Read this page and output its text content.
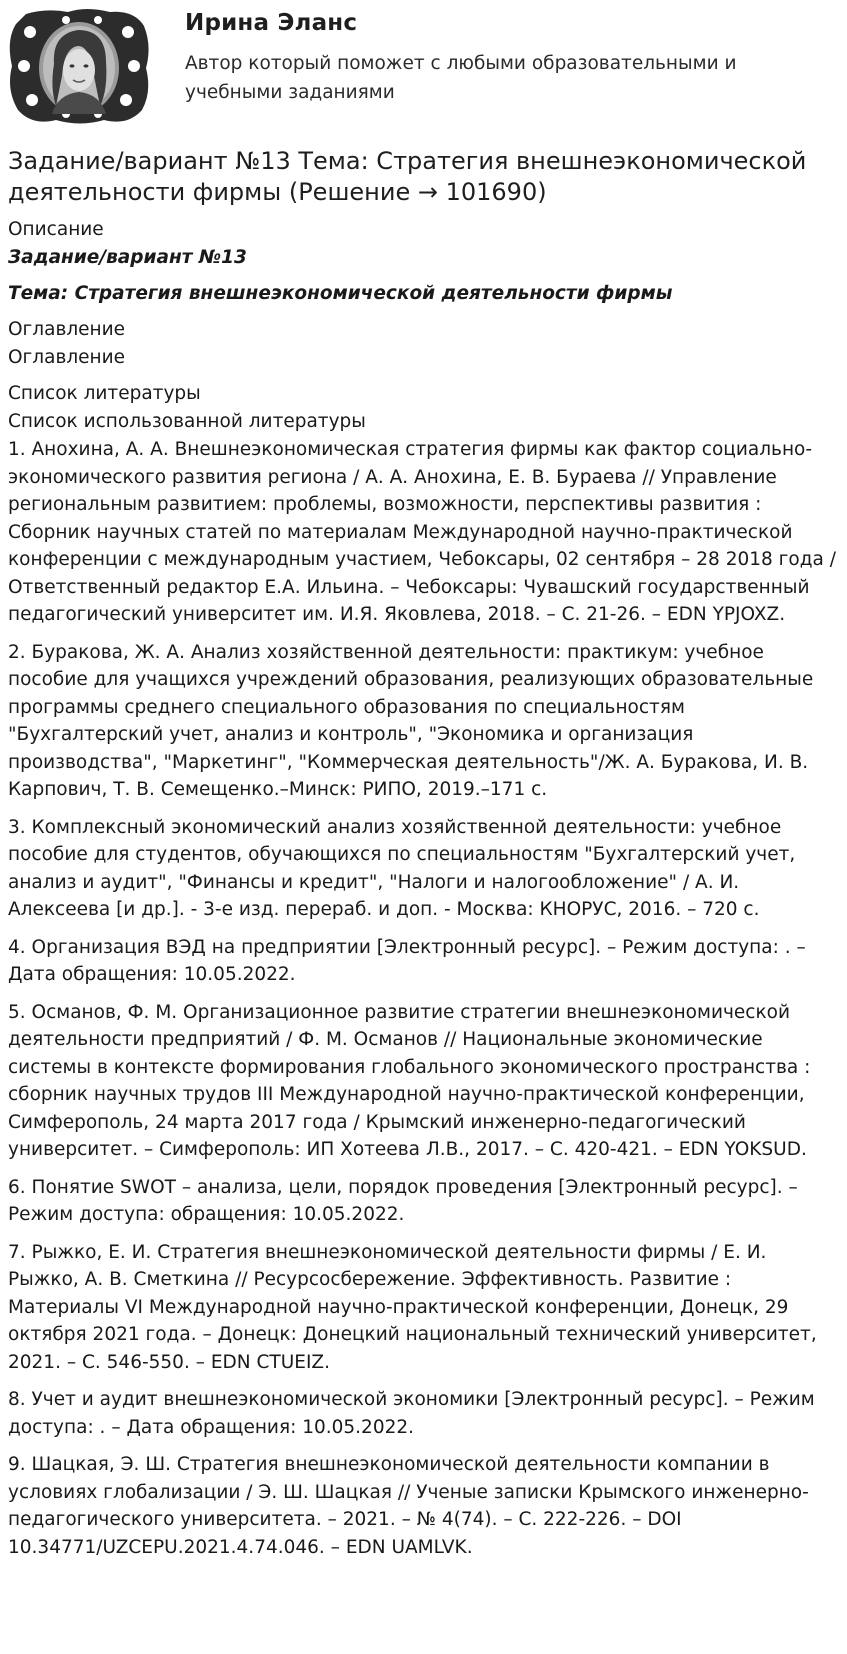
Ирина Эланс
Автор который поможет с любыми образовательными и учебными заданиями
Задание/вариант №13 Тема: Стратегия внешнеэкономической деятельности фирмы (Решение → 101690)

Описание

Задание/вариант №13

Тема: Стратегия внешнеэкономической деятельности фирмы

Оглавление

Оглавление

Список литературы

Список использованной литературы

1. Анохина, А. А. Внешнеэкономическая стратегия фирмы как фактор социально-экономического развития региона / А. А. Анохина, Е. В. Бураева // Управление региональным развитием: проблемы, возможности, перспективы развития : Сборник научных статей по материалам Международной научно-практической конференции с международным участием, Чебоксары, 02 сентября – 28 2018 года / Ответственный редактор Е.А. Ильина. – Чебоксары: Чувашский государственный педагогический университет им. И.Я. Яковлева, 2018. – С. 21-26. – EDN YPJOXZ.
2. Буракова, Ж. А. Анализ хозяйственной деятельности: практикум: учебное пособие для учащихся учреждений образования, реализующих образовательные программы среднего специального образования по специальностям "Бухгалтерский учет, анализ и контроль", "Экономика и организация производства", "Маркетинг", "Коммерческая деятельность"/Ж. А. Буракова, И. В. Карпович, Т. В. Семещенко.–Минск: РИПО, 2019.–171 с.
3. Комплексный экономический анализ хозяйственной деятельности: учебное пособие для студентов, обучающихся по специальностям "Бухгалтерский учет, анализ и аудит", "Финансы и кредит", "Налоги и налогообложение" / А. И. Алексеева [и др.]. - 3-е изд. перераб. и доп. - Москва: КНОРУС, 2016. – 720 с.
4. Организация ВЭД на предприятии [Электронный ресурс]. – Режим доступа: . – Дата обращения: 10.05.2022.
5. Османов, Ф. М. Организационное развитие стратегии внешнеэкономической деятельности предприятий / Ф. М. Османов // Национальные экономические системы в контексте формирования глобального экономического пространства : сборник научных трудов III Международной научно-практической конференции, Симферополь, 24 марта 2017 года / Крымский инженерно-педагогический университет. – Симферополь: ИП Хотеева Л.В., 2017. – С. 420-421. – EDN YOKSUD.
6. Понятие SWOT – анализа, цели, порядок проведения [Электронный ресурс]. – Режим доступа: обращения: 10.05.2022.
7. Рыжко, Е. И. Стратегия внешнеэкономической деятельности фирмы / Е. И. Рыжко, А. В. Сметкина // Ресурсосбережение. Эффективность. Развитие : Материалы VI Международной научно-практической конференции, Донецк, 29 октября 2021 года. – Донецк: Донецкий национальный технический университет, 2021. – С. 546-550. – EDN CTUEIZ.
8. Учет и аудит внешнеэкономической экономики [Электронный ресурс]. – Режим доступа: . – Дата обращения: 10.05.2022.
9. Шацкая, Э. Ш. Стратегия внешнеэкономической деятельности компании в условиях глобализации / Э. Ш. Шацкая // Ученые записки Крымского инженерно-педагогического университета. – 2021. – № 4(74). – С. 222-226. – DOI 10.34771/UZCEPU.2021.4.74.046. – EDN UAMLVK.
